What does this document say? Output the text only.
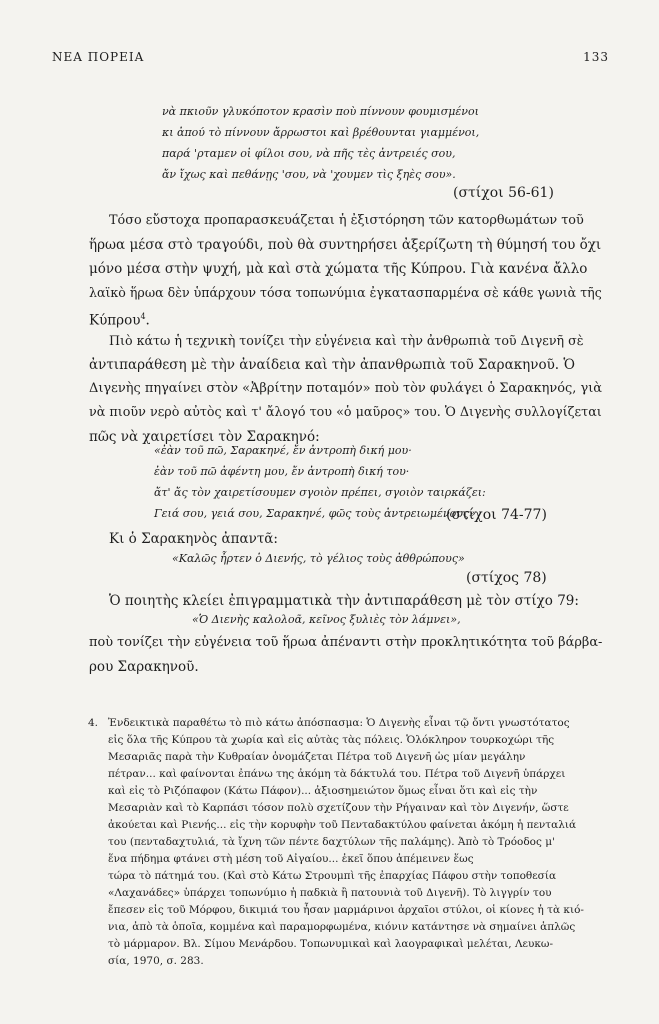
ΝΕΑ ΠΟΡΕΙΑ	133
νὰ πκιοῦν γλυκόποτον κρασὶν ποὺ πίννουν φουμισμένοι
κι ἀπού τὸ πίννουν ἄρρωστοι καὶ βρέθουνται γιαμμένοι,
παρά 'ρταμεν οἱ φίλοι σου, νὰ πῆς τὲς ἀντρειές σου,
ἄν ἴχως καὶ πεθάνῃς 'σου, νὰ 'χουμεν τὶς ξηὲς σου».
(στίχοι 56-61)
Τόσο εὔστοχα προπαρασκευάζεται ἡ ἐξιστόρηση τῶν κατορθωμάτων τοῦ
ἥρωα μέσα στὸ τραγούδι, ποὺ θὰ συντηρήσει ἀξερίζωτη τὴ θύμησή του ὄχι
μόνο μέσα στὴν ψυχή, μὰ καὶ στὰ χώματα τῆς Κύπρου. Γιὰ κανένα ἄλλο
λαϊκὸ ἥρωα δὲν ὑπάρχουν τόσα τοπωνύμια ἐγκατασπαρμένα σὲ κάθε γωνιὰ τῆς
Κύπρου$^4$.
Πιὸ κάτω ἡ τεχνικὴ τονίζει τὴν εὐγένεια καὶ τὴν ἀνθρωπιὰ τοῦ Διγενῆ σὲ
ἀντιπαράθεση μὲ τὴν ἀναίδεια καὶ τὴν ἀπανθρωπιὰ τοῦ Σαρακηνοῦ. Ὁ
Διγενὴς πηγαίνει στὸν «Ἀβρίτην ποταμόν» ποὺ τὸν φυλάγει ὁ Σαρακηνός, γιὰ
νὰ πιοῦν νερὸ αὐτὸς καὶ τ' ἄλογό του «ὁ μαῦρος» του. Ὁ Διγενὴς συλλογίζεται
πῶς νὰ χαιρετίσει τὸν Σαρακηνό:
«ἐὰν τοῦ πῶ, Σαρακηνέ, ἔν ἀντροπὴ δική μου·
ἐὰν τοῦ πῶ ἀφέντη μου, ἔν ἀντροπὴ δική του·
ἄτ' ἄς τὸν χαιρετίσουμεν σγοιὸν πρέπει, σγοιὸν ταιρκάζει:
Γειά σου, γειά σου, Σαρακηνέ, φῶς τοὺς ἀντρειωμένους»
(στίχοι 74-77)
Κι ὁ Σαρακηνὸς ἀπαντᾶ:
«Καλῶς ἦρτεν ὁ Διενής, τὸ γέλιος τοὺς ἀθθρώπους»
(στίχος 78)
Ὁ ποιητὴς κλείει ἐπιγραμματικὰ τὴν ἀντιπαράθεση μὲ τὸν στίχο 79:
«Ὁ Διενὴς καλολοᾶ, κεῖνος ξυλιὲς τὸν λάμνει»,
ποὺ τονίζει τὴν εὐγένεια τοῦ ἥρωα ἀπέναντι στὴν προκλητικότητα τοῦ βάρβα-
ρου Σαρακηνοῦ.
4. Ἐνδεικτικὰ παραθέτω τὸ πιὸ κάτω ἀπόσπασμα: Ὁ Διγενὴς εἶναι τῷ ὄντι γνωστότατος
εἰς ὅλα τῆς Κύπρου τὰ χωρία καὶ εἰς αὐτὰς τὰς πόλεις. Ὁλόκληρον τουρκοχώρι τῆς
Μεσαριᾶς παρὰ τὴν Κυθραίαν ὀνομάζεται Πέτρα τοῦ Διγενῆ ὡς μίαν μεγάλην
πέτραν... καὶ φαίνονται ἐπάνω της ἀκόμη τὰ δάκτυλά του. Πέτρα τοῦ Διγενῆ ὑπάρχει
καὶ εἰς τὸ Ριζόπαφον (Κάτω Πάφον)... ἀξιοσημειώτον ὅμως εἶναι ὅτι καὶ εἰς τὴν
Μεσαριὰν καὶ τὸ Καρπάσι τόσον πολὺ σχετίζουν τὴν Ρήγαιναν καὶ τὸν Διγενήν, ὥστε
ἀκούεται καὶ Ριενής... εἰς τὴν κορυφὴν τοῦ Πενταδακτύλου φαίνεται ἀκόμη ἡ πενταλιά
του (πενταδαχτυλιά, τὰ ἴχνη τῶν πέντε δαχτύλων τῆς παλάμης). Ἀπὸ τὸ Τρόοδος μ'
ἕνα πήδημα φτάνει στὴ μέση τοῦ Αἰγαίου... ἐκεῖ ὅπου ἀπέμεινεν ἕως
τώρα τὸ πάτημά του. (Καὶ στὸ Κάτω Στρουμπὶ τῆς ἐπαρχίας Πάφου στὴν τοποθεσία
«Λαχανάδες» ὑπάρχει τοπωνύμιο ἡ παδκιὰ ἢ πατουνιὰ τοῦ Διγενῆ). Τὸ λιγγρίν του
ἔπεσεν εἰς τοῦ Μόρφου, δικιμιά του ἦσαν μαρμάρινοι ἀρχαῖοι στύλοι, οἱ κίονες ἡ τὰ κιό-
νια, ἀπὸ τὰ ὁποῖα, κομμένα καὶ παραμορφωμένα, κιόνιν κατάντησε νὰ σημαίνει ἁπλῶς
τὸ μάρμαρον. Βλ. Σίμου Μενάρδου. Τοπωνυμικαὶ καὶ λαογραφικαὶ μελέται, Λευκω-
σία, 1970, σ. 283.
